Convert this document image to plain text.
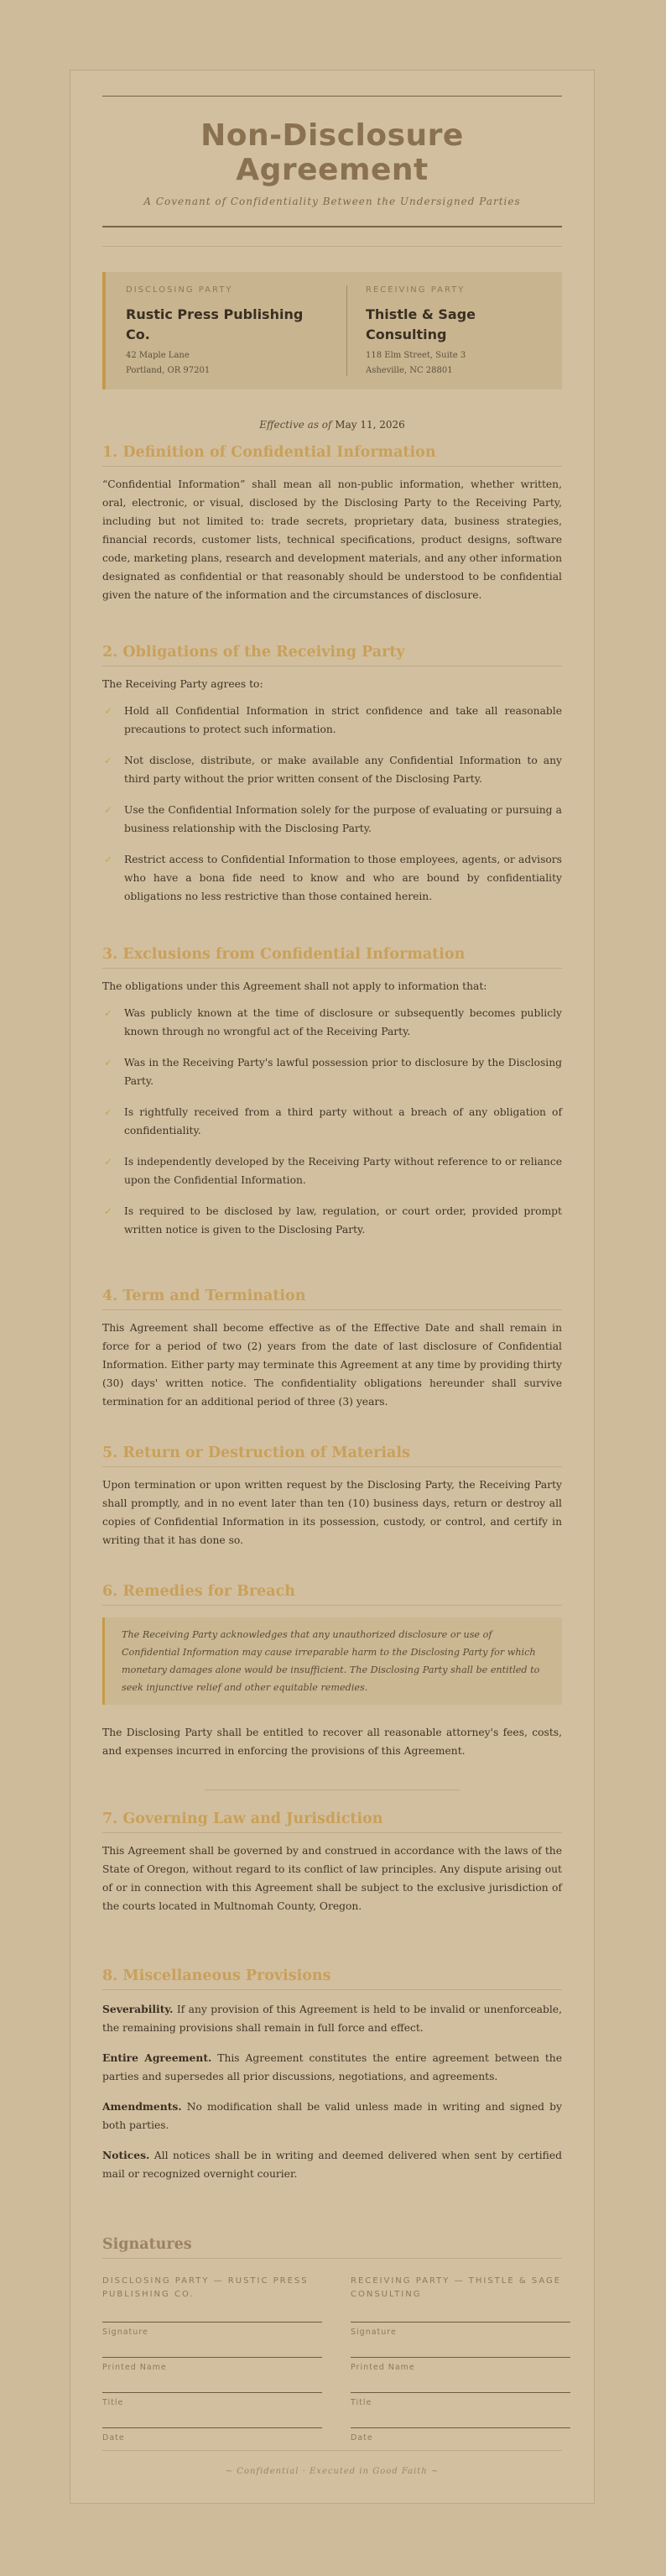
Non-Disclosure Agreement
A Covenant of Confidentiality Between the Undersigned Parties
DISCLOSING PARTY
Rustic Press Publishing Co.
42 Maple Lane
Portland, OR 97201
RECEIVING PARTY
Thistle & Sage Consulting
118 Elm Street, Suite 3
Asheville, NC 28801
Effective as of May 11, 2026
1. Definition of Confidential Information

“Confidential Information” shall mean all non-public information, whether written, oral, electronic, or visual, disclosed by the Disclosing Party to the Receiving Party, including but not limited to: trade secrets, proprietary data, business strategies, financial records, customer lists, technical specifications, product designs, software code, marketing plans, research and development materials, and any other information designated as confidential or that reasonably should be understood to be confidential given the nature of the information and the circumstances of disclosure.

2. Obligations of the Receiving Party

The Receiving Party agrees to:

✓ Hold all Confidential Information in strict confidence and take all reasonable precautions to protect such information.
✓ Not disclose, distribute, or make available any Confidential Information to any third party without the prior written consent of the Disclosing Party.
✓ Use the Confidential Information solely for the purpose of evaluating or pursuing a business relationship with the Disclosing Party.
✓ Restrict access to Confidential Information to those employees, agents, or advisors who have a bona fide need to know and who are bound by confidentiality obligations no less restrictive than those contained herein.
3. Exclusions from Confidential Information

The obligations under this Agreement shall not apply to information that:

✓ Was publicly known at the time of disclosure or subsequently becomes publicly known through no wrongful act of the Receiving Party.
✓ Was in the Receiving Party's lawful possession prior to disclosure by the Disclosing Party.
✓ Is rightfully received from a third party without a breach of any obligation of confidentiality.
✓ Is independently developed by the Receiving Party without reference to or reliance upon the Confidential Information.
✓ Is required to be disclosed by law, regulation, or court order, provided prompt written notice is given to the Disclosing Party.
4. Term and Termination

This Agreement shall become effective as of the Effective Date and shall remain in force for a period of two (2) years from the date of last disclosure of Confidential Information. Either party may terminate this Agreement at any time by providing thirty (30) days' written notice. The confidentiality obligations hereunder shall survive termination for an additional period of three (3) years.

5. Return or Destruction of Materials

Upon termination or upon written request by the Disclosing Party, the Receiving Party shall promptly, and in no event later than ten (10) business days, return or destroy all copies of Confidential Information in its possession, custody, or control, and certify in writing that it has done so.

6. Remedies for Breach
The Receiving Party acknowledges that any unauthorized disclosure or use of Confidential Information may cause irreparable harm to the Disclosing Party for which monetary damages alone would be insufficient. The Disclosing Party shall be entitled to seek injunctive relief and other equitable remedies.

The Disclosing Party shall be entitled to recover all reasonable attorney's fees, costs, and expenses incurred in enforcing the provisions of this Agreement.

7. Governing Law and Jurisdiction

This Agreement shall be governed by and construed in accordance with the laws of the State of Oregon, without regard to its conflict of law principles. Any dispute arising out of or in connection with this Agreement shall be subject to the exclusive jurisdiction of the courts located in Multnomah County, Oregon.

8. Miscellaneous Provisions

Severability. If any provision of this Agreement is held to be invalid or unenforceable, the remaining provisions shall remain in full force and effect.

Entire Agreement. This Agreement constitutes the entire agreement between the parties and supersedes all prior discussions, negotiations, and agreements.

Amendments. No modification shall be valid unless made in writing and signed by both parties.

Notices. All notices shall be in writing and deemed delivered when sent by certified mail or recognized overnight courier.

Signatures
DISCLOSING PARTY — RUSTIC PRESS PUBLISHING CO.
Signature
Printed Name
Title
Date
RECEIVING PARTY — THISTLE & SAGE CONSULTING
Signature
Printed Name
Title
Date
~ Confidential · Executed in Good Faith ~
